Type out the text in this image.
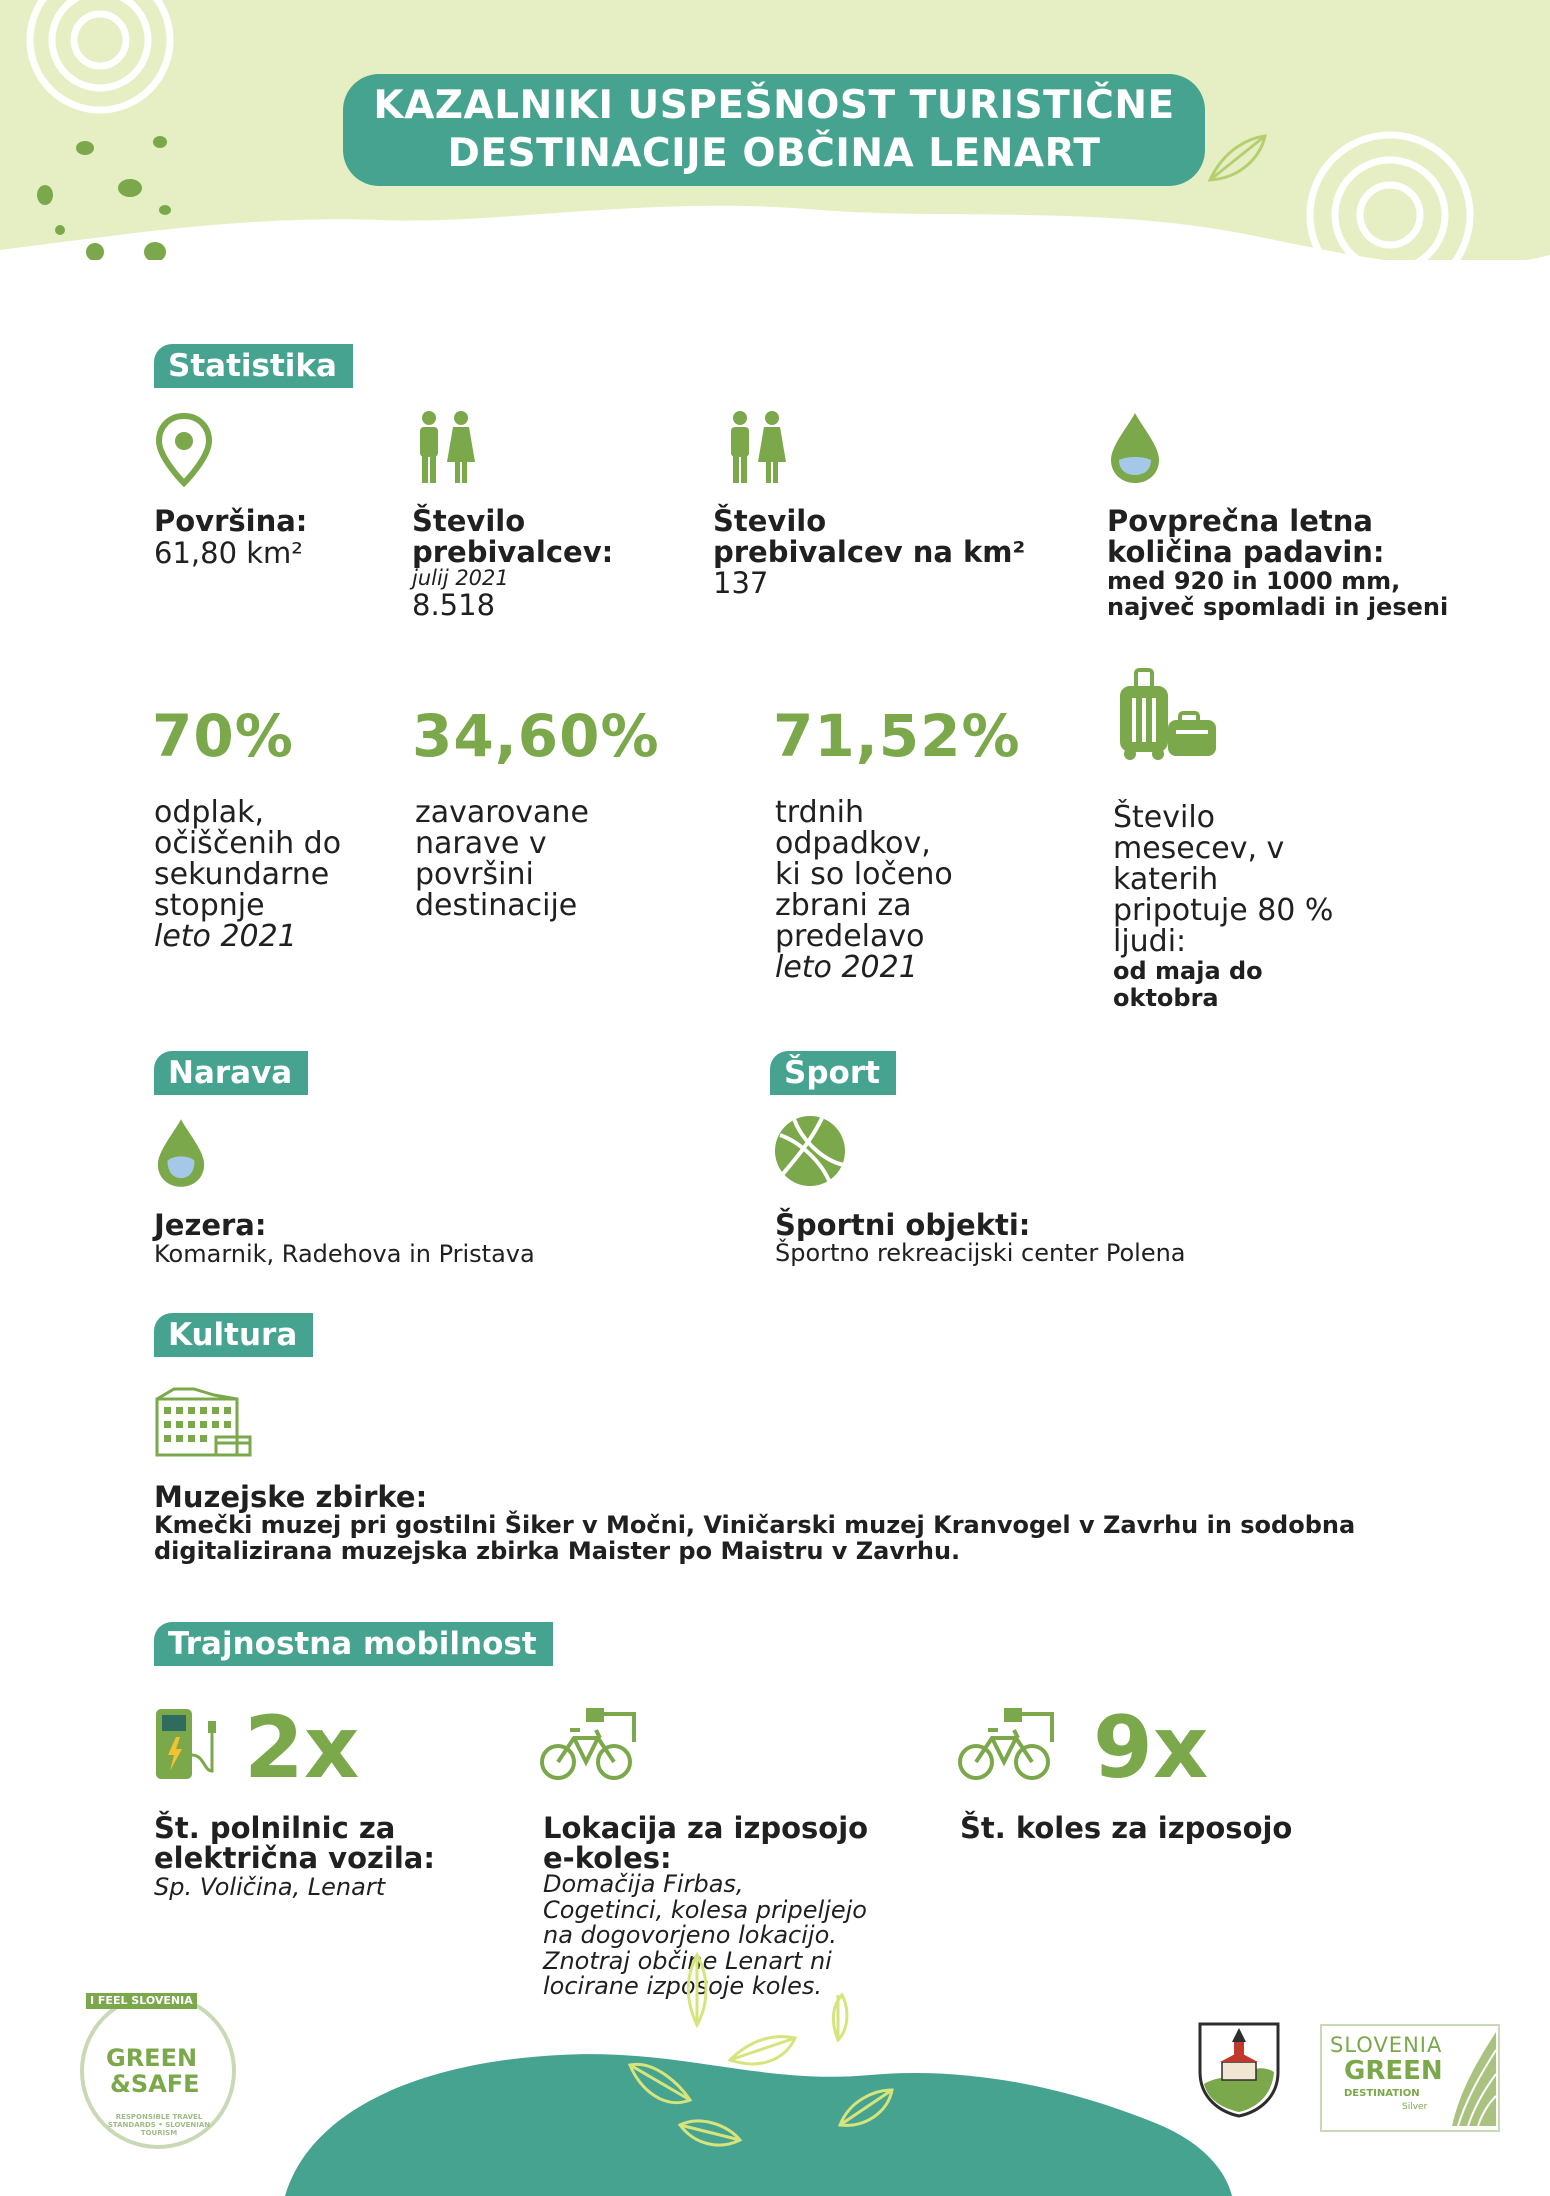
KAZALNIKI USPEŠNOST TURISTIČNE
DESTINACIJE OBČINA LENART
Statistika
Površina:
61,80 km²
Število
prebivalcev:
julij 2021
8.518
Število
prebivalcev na km²
137
Povprečna letna
količina padavin:
med 920 in 1000 mm,
največ spomladi in jeseni
70%
odplak,
očiščenih do
sekundarne
stopnje
leto 2021
34,60%
zavarovane
narave v
površini
destinacije
71,52%
trdnih
odpadkov,
ki so ločeno
zbrani za
predelavo
leto 2021
Število
mesecev, v
katerih
pripotuje 80 %
ljudi:
od maja do
oktobra
Narava	Šport
Jezera:
Komarnik, Radehova in Pristava
Športni objekti:
Športno rekreacijski center Polena
Kultura
Muzejske zbirke:
Kmečki muzej pri gostilni Šiker v Močni, Viničarski muzej Kranvogel v Zavrhu in sodobna
digitalizirana muzejska zbirka Maister po Maistru v Zavrhu.
Trajnostna mobilnost
2x
Št. polnilnic za
električna vozila:
Sp. Voličina, Lenart
Lokacija za izposojo
e-koles:
Domačija Firbas,
Cogetinci, kolesa pripeljejo
na dogovorjeno lokacijo.
Znotraj občine Lenart ni
locirane izposoje koles.
9x
Št. koles za izposojo
I FEEL SLOVENIA
GREEN
&SAFE
RESPONSIBLE TRAVEL STANDARDS • SLOVENIAN TOURISM
SLOVENIA
GREEN
DESTINATION
Silver
